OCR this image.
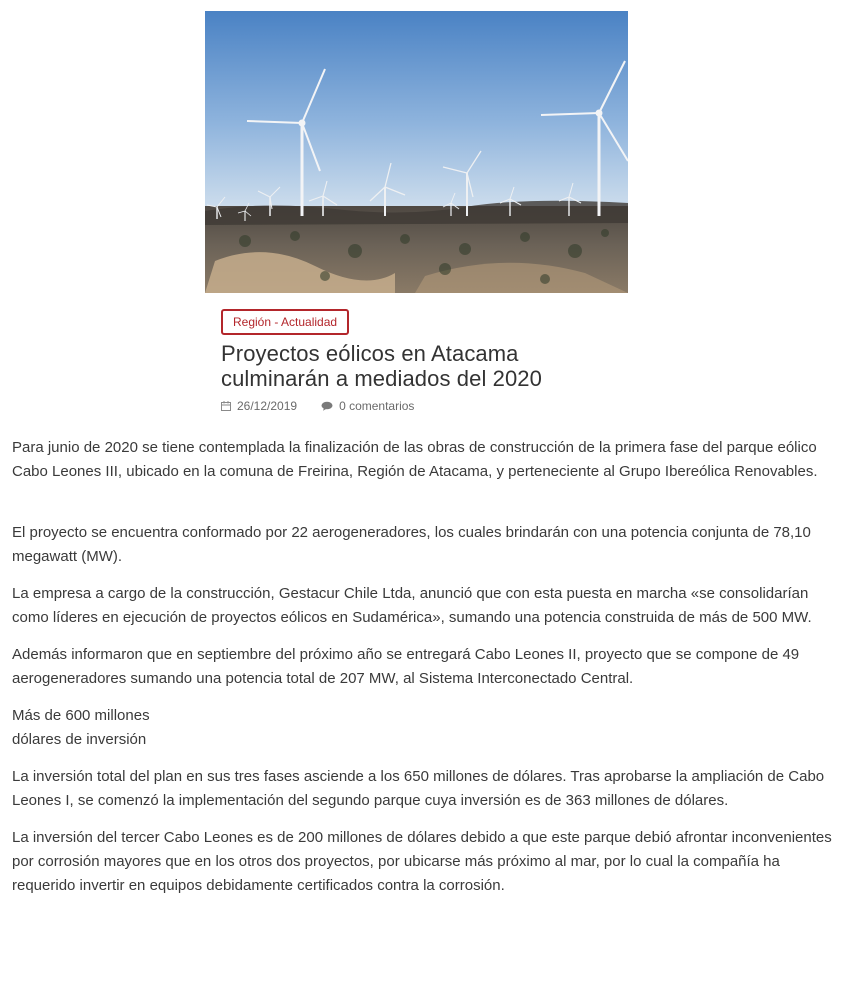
Región - Actualidad
Proyectos eólicos en Atacama
culminarán a mediados del 2020
26/12/2019	0 comentarios

Para junio de 2020 se tiene contemplada la finalización de las obras de construcción de la primera fase del parque eólico Cabo Leones III, ubicado en la comuna de Freirina, Región de Atacama, y perteneciente al Grupo Ibereólica Renovables.

El proyecto se encuentra conformado por 22 aerogeneradores, los cuales brindarán con una potencia conjunta de 78,10 megawatt (MW).

La empresa a cargo de la construcción, Gestacur Chile Ltda, anunció que con esta puesta en marcha «se consolidarían como líderes en ejecución de proyectos eólicos en Sudamérica», sumando una potencia construida de más de 500 MW.

Además informaron que en septiembre del próximo año se entregará Cabo Leones II, proyecto que se compone de 49 aerogeneradores sumando una potencia total de 207 MW, al Sistema Interconectado Central.

Más de 600 millones
dólares de inversión

La inversión total del plan en sus tres fases asciende a los 650 millones de dólares. Tras aprobarse la ampliación de Cabo Leones I, se comenzó la implementación del segundo parque cuya inversión es de 363 millones de dólares.

La inversión del tercer Cabo Leones es de 200 millones de dólares debido a que este parque debió afrontar inconvenientes por corrosión mayores que en los otros dos proyectos, por ubicarse más próximo al mar, por lo cual la compañía ha requerido invertir en equipos debidamente certificados contra la corrosión.
